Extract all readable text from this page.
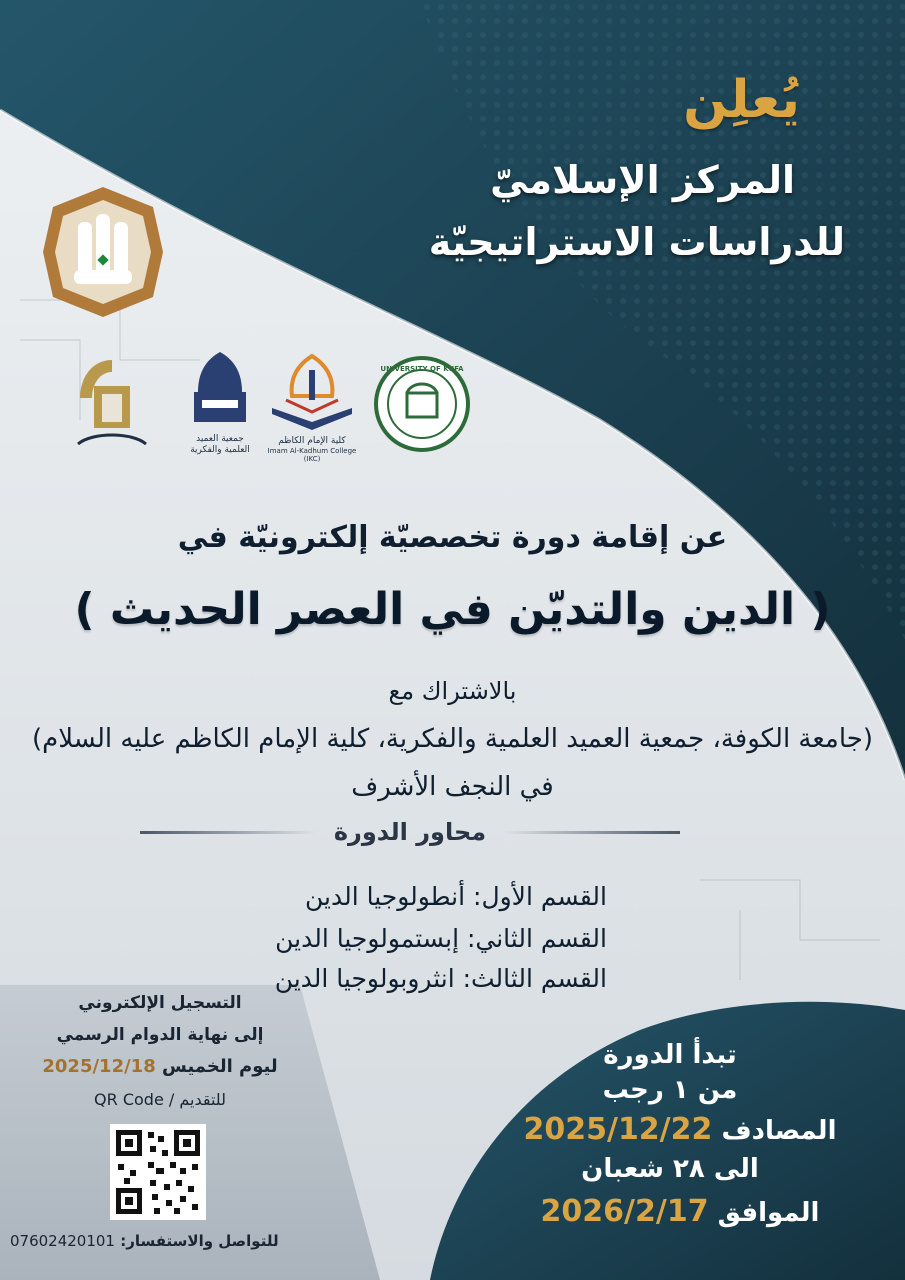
يُعلِن
المركز الإسلاميّ
للدراسات الاستراتيجيّة
جمعية العميد
العلمية والفكرية
كلية الإمام الكاظم
Imam Al-Kadhum College (IKC)
UNIVERSITY OF KUFA
عن إقامة دورة تخصصيّة إلكترونيّة في
( الدين والتديّن في العصر الحديث )
بالاشتراك مع
(جامعة الكوفة، جمعية العميد العلمية والفكرية، كلية الإمام الكاظم عليه السلام)
في النجف الأشرف
محاور الدورة
القسم الأول: أنطولوجيا الدين
القسم الثاني: إبستمولوجيا الدين
القسم الثالث: انثروبولوجيا الدين
التسجيل الإلكتروني
إلى نهاية الدوام الرسمي
ليوم الخميس 2025/12/18
للتقديم / QR Code
للتواصل والاستفسار: 07602420101
تبدأ الدورة
من ١ رجب
المصادف 2025/12/22
الى ٢٨ شعبان
الموافق 2026/2/17
